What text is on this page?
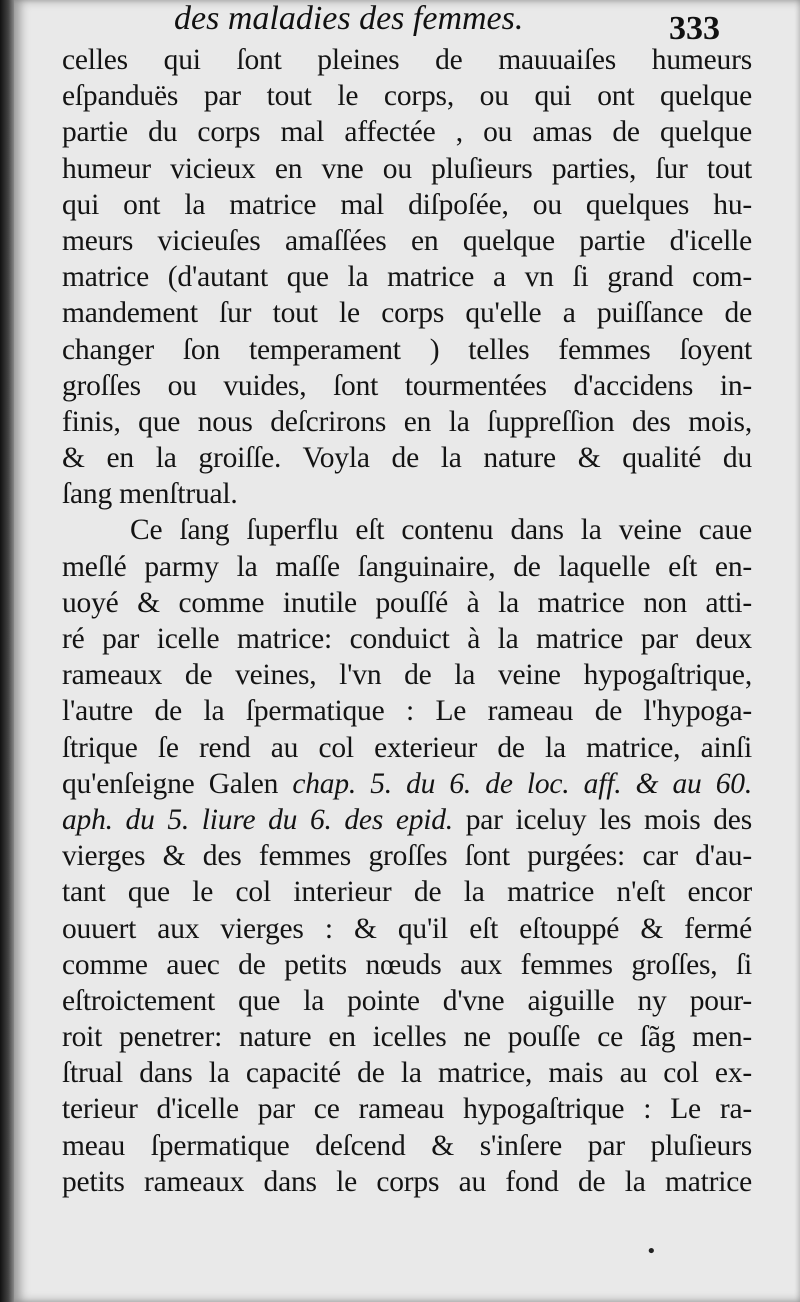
des maladies des femmes.	333
celles qui ſont pleines de mauuaiſes humeurs
eſpanduës par tout le corps, ou qui ont quelque
partie du corps mal affectée , ou amas de quelque
humeur vicieux en vne ou pluſieurs parties, ſur tout
qui ont la matrice mal diſpoſée, ou quelques hu-
meurs vicieuſes amaſſées en quelque partie d'icelle
matrice (d'autant que la matrice a vn ſi grand com-
mandement ſur tout le corps qu'elle a puiſſance de
changer ſon temperament ) telles femmes ſoyent
groſſes ou vuides, ſont tourmentées d'accidens in-
finis, que nous deſcrirons en la ſuppreſſion des mois,
& en la groiſſe. Voyla de la nature & qualité du
ſang menſtrual.
Ce ſang ſuperflu eſt contenu dans la veine caue
meſlé parmy la maſſe ſanguinaire, de laquelle eſt en-
uoyé & comme inutile pouſſé à la matrice non atti-
ré par icelle matrice: conduict à la matrice par deux
rameaux de veines, l'vn de la veine hypogaſtrique,
l'autre de la ſpermatique : Le rameau de l'hypoga-
ſtrique ſe rend au col exterieur de la matrice, ainſi
qu'enſeigne Galen chap. 5. du 6. de loc. aff. & au 60.
aph. du 5. liure du 6. des epid. par iceluy les mois des
vierges & des femmes groſſes ſont purgées: car d'au-
tant que le col interieur de la matrice n'eſt encor
ouuert aux vierges : & qu'il eſt eſtouppé & fermé
comme auec de petits nœuds aux femmes groſſes, ſi
eſtroictement que la pointe d'vne aiguille ny pour-
roit penetrer: nature en icelles ne pouſſe ce ſãg men-
ſtrual dans la capacité de la matrice, mais au col ex-
terieur d'icelle par ce rameau hypogaſtrique : Le ra-
meau ſpermatique deſcend & s'inſere par pluſieurs
petits rameaux dans le corps au fond de la matrice
•
